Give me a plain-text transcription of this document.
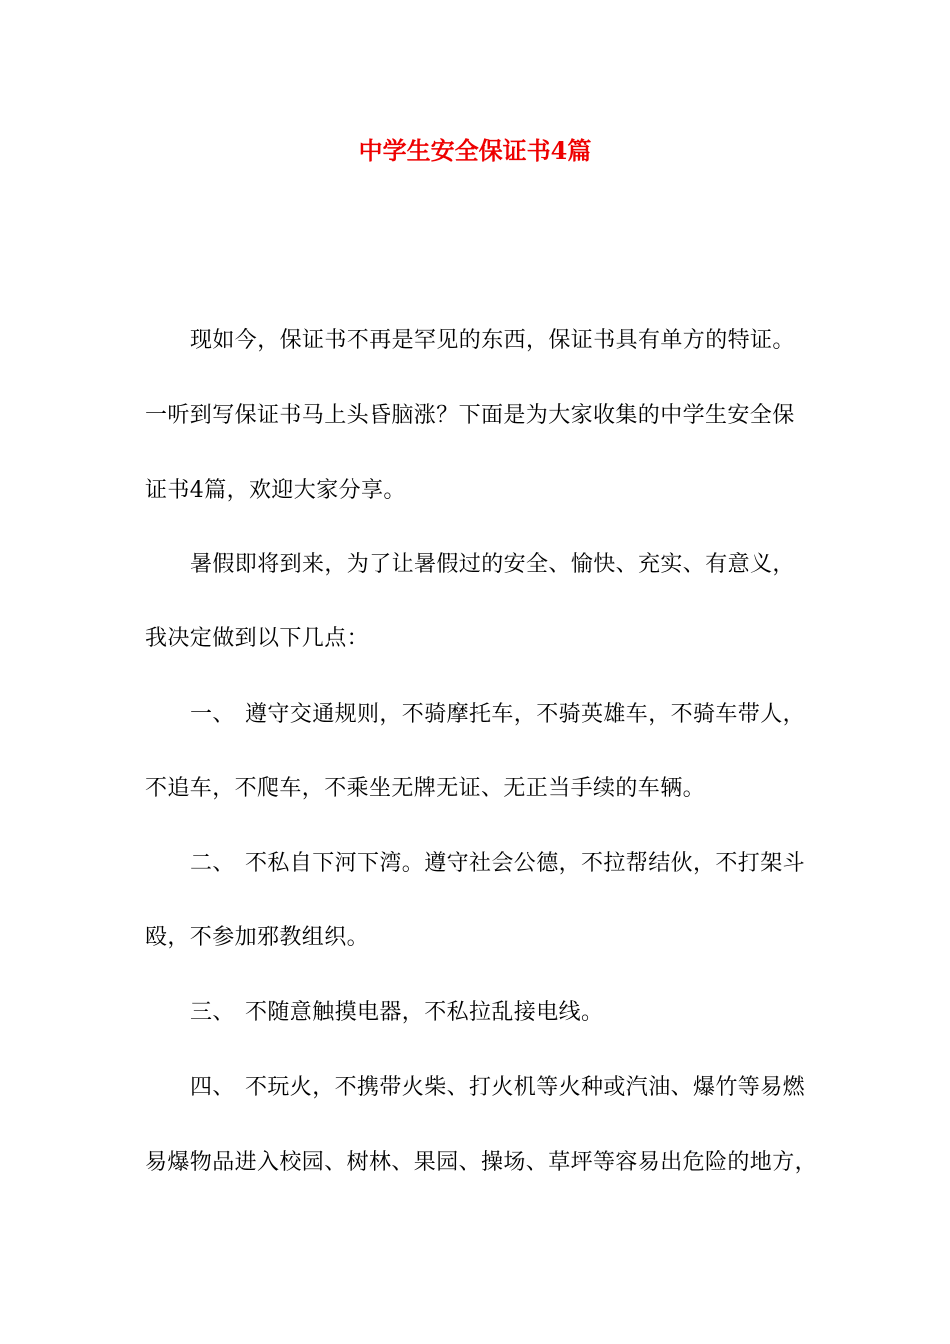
中学生安全保证书4篇
现如今，保证书不再是罕见的东西，保证书具有单方的特证。
一听到写保证书马上头昏脑涨？下面是为大家收集的中学生安全保
证书4篇，欢迎大家分享。
暑假即将到来，为了让暑假过的安全、愉快、充实、有意义，
我决定做到以下几点：
一、 遵守交通规则，不骑摩托车，不骑英雄车，不骑车带人，
不追车，不爬车，不乘坐无牌无证、无正当手续的车辆。
二、 不私自下河下湾。遵守社会公德，不拉帮结伙，不打架斗
殴，不参加邪教组织。
三、 不随意触摸电器，不私拉乱接电线。
四、 不玩火，不携带火柴、打火机等火种或汽油、爆竹等易燃
易爆物品进入校园、树林、果园、操场、草坪等容易出危险的地方，
